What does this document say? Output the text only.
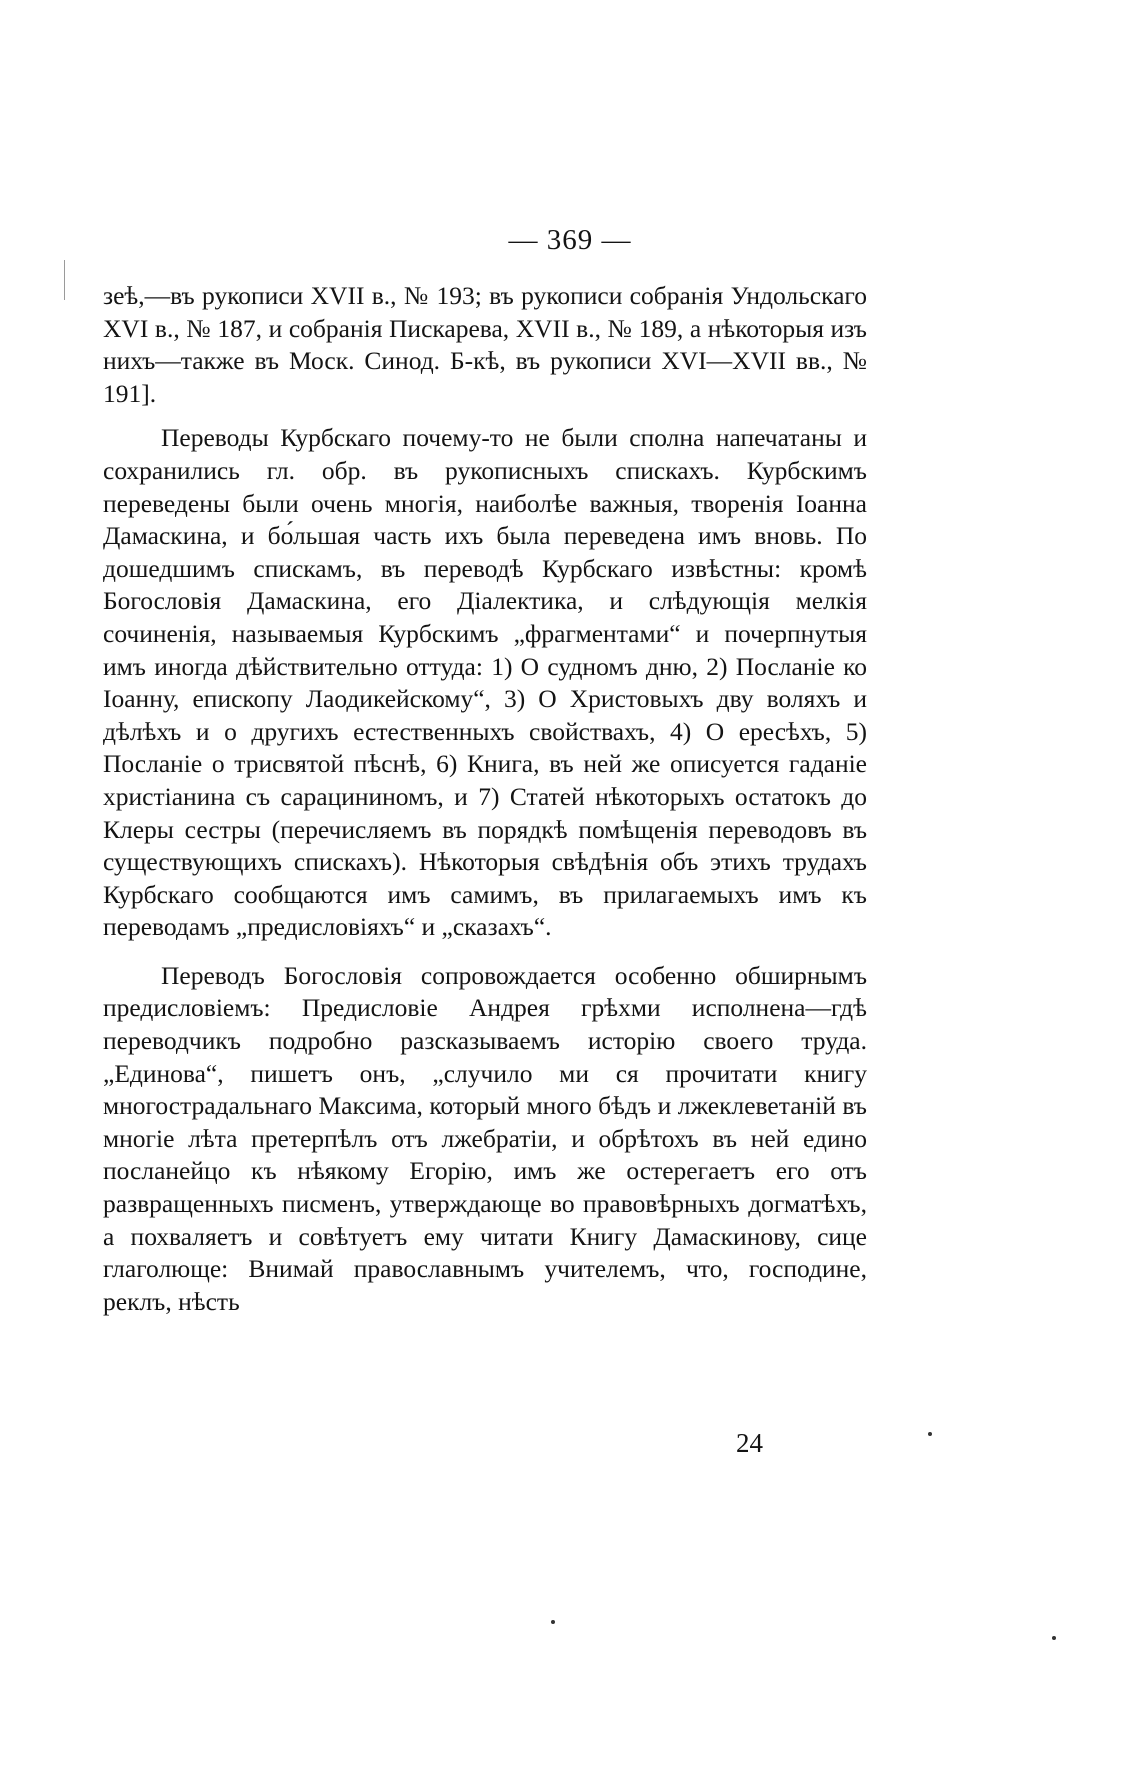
— 369 —

зеѣ,—въ рукописи XVII в., № 193; въ рукописи собранія Ундольскаго XVI в., № 187, и собранія Пискарева, XVII в., № 189, а нѣкоторыя изъ нихъ—также въ Моск. Синод. Б-кѣ, въ рукописи XVI—XVII вв., № 191].

Переводы Курбскаго почему-то не были сполна напечатаны и сохранились гл. обр. въ рукописныхъ спискахъ. Курбскимъ переведены были очень многія, наиболѣе важныя, творенія Іоанна Дамаскина, и бо́льшая часть ихъ была переведена имъ вновь. По дошедшимъ спискамъ, въ переводѣ Курбскаго извѣстны: кромѣ Богословія Дамаскина, его Діалектика, и слѣдующія мелкія сочиненія, называемыя Курбскимъ „фрагментами“ и почерпнутыя имъ иногда дѣйствительно оттуда: 1) О судномъ дню, 2) Посланіе ко Іоанну, епископу Лаодикейскому“, 3) О Христовыхъ дву воляхъ и дѣлѣхъ и о другихъ естественныхъ свойствахъ, 4) О ересѣхъ, 5) Посланіе о трисвятой пѣснѣ, 6) Книга, въ ней же описуется гаданіе христіанина съ сарацининомъ, и 7) Статей нѣкоторыхъ остатокъ до Клеры сестры (перечисляемъ въ порядкѣ помѣщенія переводовъ въ существующихъ спискахъ). Нѣкоторыя свѣдѣнія объ этихъ трудахъ Курбскаго сообщаются имъ самимъ, въ прилагаемыхъ имъ къ переводамъ „предисловіяхъ“ и „сказахъ“.

Переводъ Богословія сопровождается особенно обширнымъ предисловіемъ: Предисловіе Андрея грѣхми исполнена—гдѣ переводчикъ подробно разсказываемъ исторію своего труда. „Единова“, пишетъ онъ, „случило ми ся прочитати книгу многострадальнаго Максима, который много бѣдъ и лжеклеветаній въ многіе лѣта претерпѣлъ отъ лжебратіи, и обрѣтохъ въ ней едино посланейцо къ нѣякому Егорію, имъ же остерегаетъ его отъ развращенныхъ писменъ, утверждающе во правовѣрныхъ догматѣхъ, а похваляетъ и совѣтуетъ ему читати Книгу Дамаскинову, сице глаголюще: Внимай православнымъ учителемъ, что, господине, реклъ, нѣсть

24
